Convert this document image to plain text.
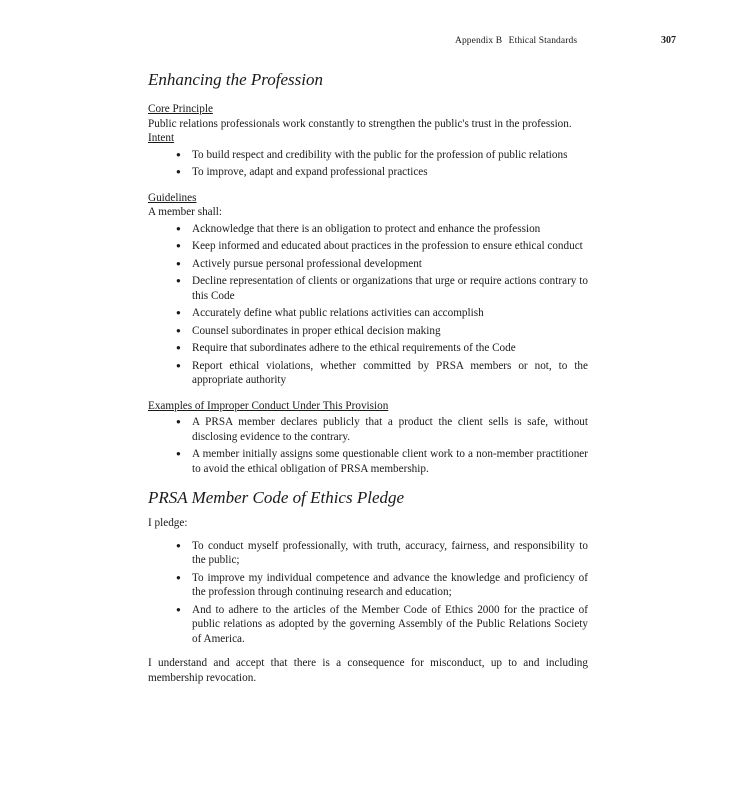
Appendix B Ethical Standards	307
Enhancing the Profession
Core Principle

Public relations professionals work constantly to strengthen the public's trust in the profession.

Intent
● To build respect and credibility with the public for the profession of public relations
● To improve, adapt and expand professional practices
Guidelines

A member shall:

● Acknowledge that there is an obligation to protect and enhance the profession
● Keep informed and educated about practices in the profession to ensure ethical conduct
● Actively pursue personal professional development
● Decline representation of clients or organizations that urge or require actions contrary to this Code
● Accurately define what public relations activities can accomplish
● Counsel subordinates in proper ethical decision making
● Require that subordinates adhere to the ethical requirements of the Code
● Report ethical violations, whether committed by PRSA members or not, to the appropriate authority
Examples of Improper Conduct Under This Provision
● A PRSA member declares publicly that a product the client sells is safe, without disclosing evidence to the contrary.
● A member initially assigns some questionable client work to a non-member practitioner to avoid the ethical obligation of PRSA membership.
PRSA Member Code of Ethics Pledge

I pledge:

● To conduct myself professionally, with truth, accuracy, fairness, and responsibility to the public;
● To improve my individual competence and advance the knowledge and proficiency of the profession through continuing research and education;
● And to adhere to the articles of the Member Code of Ethics 2000 for the practice of public relations as adopted by the governing Assembly of the Public Relations Society of America.

I understand and accept that there is a consequence for misconduct, up to and including membership revocation.
